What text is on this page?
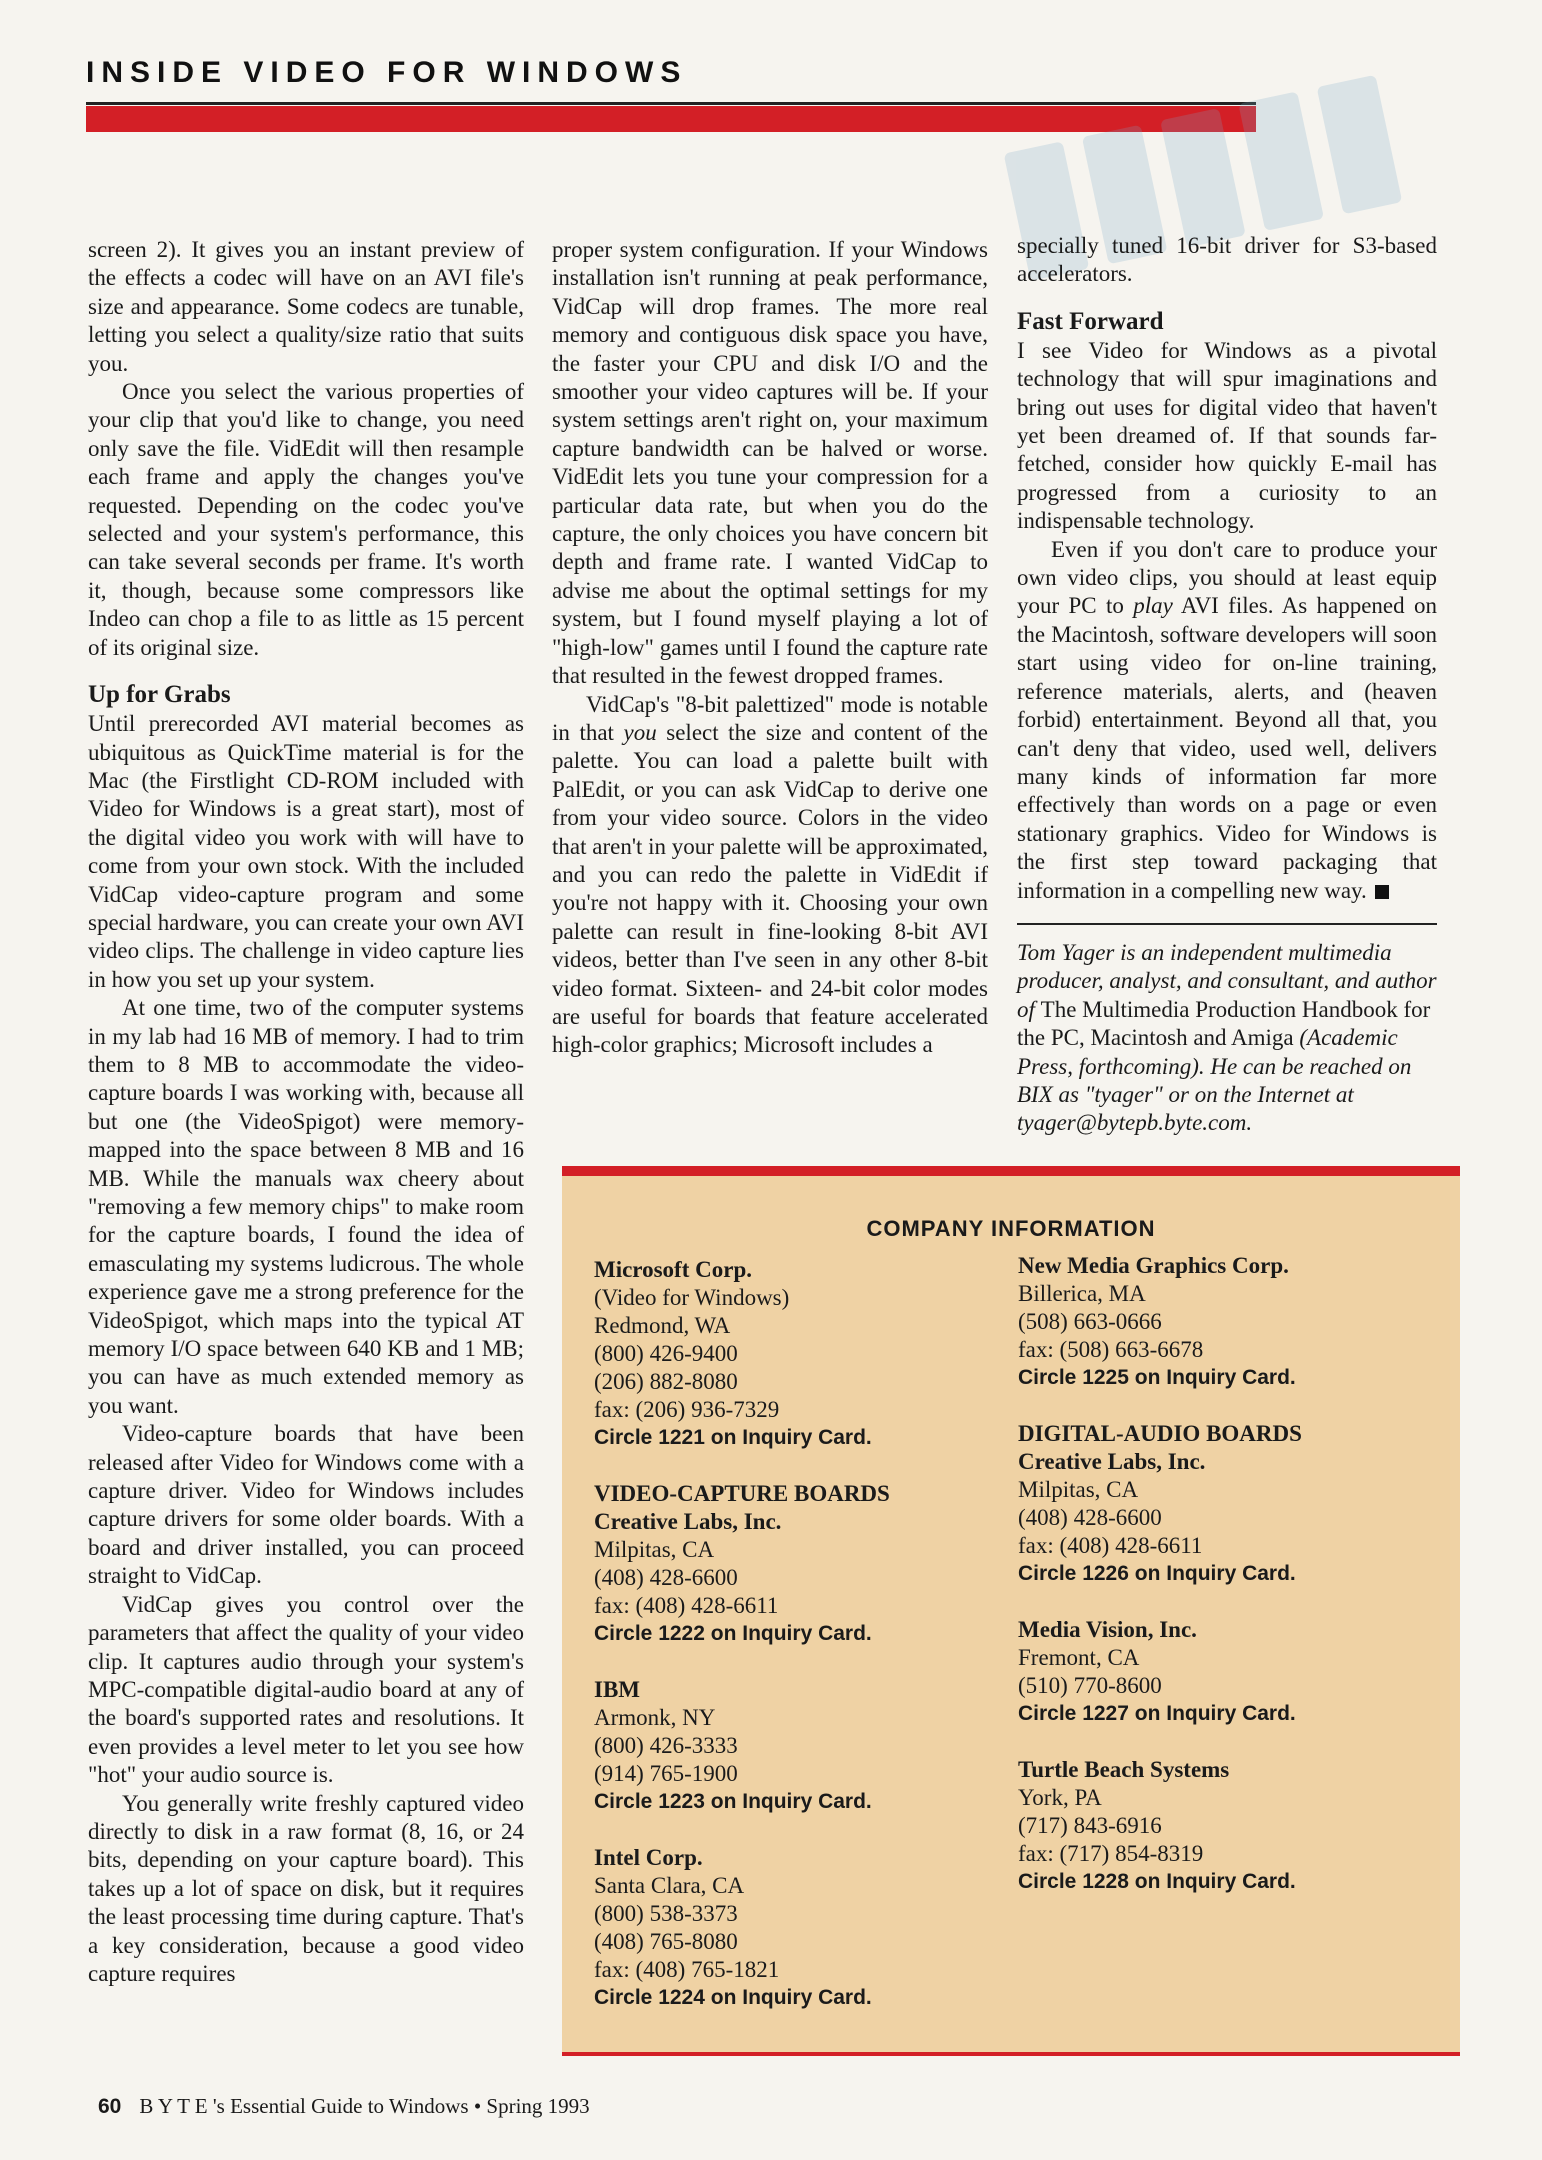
INSIDE VIDEO FOR WINDOWS

screen 2). It gives you an instant preview of the effects a codec will have on an AVI file's size and appearance. Some codecs are tunable, letting you select a quality/size ratio that suits you.

Once you select the various properties of your clip that you'd like to change, you need only save the file. VidEdit will then resample each frame and apply the changes you've requested. Depending on the codec you've selected and your system's performance, this can take several seconds per frame. It's worth it, though, because some compressors like Indeo can chop a file to as little as 15 percent of its original size.

Up for Grabs

Until prerecorded AVI material becomes as ubiquitous as QuickTime material is for the Mac (the Firstlight CD-ROM included with Video for Windows is a great start), most of the digital video you work with will have to come from your own stock. With the included VidCap video-capture program and some special hardware, you can create your own AVI video clips. The challenge in video capture lies in how you set up your system.

At one time, two of the computer systems in my lab had 16 MB of memory. I had to trim them to 8 MB to accommodate the video-capture boards I was working with, because all but one (the VideoSpigot) were memory-mapped into the space between 8 MB and 16 MB. While the manuals wax cheery about "removing a few memory chips" to make room for the capture boards, I found the idea of emasculating my systems ludicrous. The whole experience gave me a strong preference for the VideoSpigot, which maps into the typical AT memory I/O space between 640 KB and 1 MB; you can have as much extended memory as you want.

Video-capture boards that have been released after Video for Windows come with a capture driver. Video for Windows includes capture drivers for some older boards. With a board and driver installed, you can proceed straight to VidCap.

VidCap gives you control over the parameters that affect the quality of your video clip. It captures audio through your system's MPC-compatible digital-audio board at any of the board's supported rates and resolutions. It even provides a level meter to let you see how "hot" your audio source is.

You generally write freshly captured video directly to disk in a raw format (8, 16, or 24 bits, depending on your capture board). This takes up a lot of space on disk, but it requires the least processing time during capture. That's a key consideration, because a good video capture requires

proper system configuration. If your Windows installation isn't running at peak performance, VidCap will drop frames. The more real memory and contiguous disk space you have, the faster your CPU and disk I/O and the smoother your video captures will be. If your system settings aren't right on, your maximum capture bandwidth can be halved or worse. VidEdit lets you tune your compression for a particular data rate, but when you do the capture, the only choices you have concern bit depth and frame rate. I wanted VidCap to advise me about the optimal settings for my system, but I found myself playing a lot of "high-low" games until I found the capture rate that resulted in the fewest dropped frames.

VidCap's "8-bit palettized" mode is notable in that you select the size and content of the palette. You can load a palette built with PalEdit, or you can ask VidCap to derive one from your video source. Colors in the video that aren't in your palette will be approximated, and you can redo the palette in VidEdit if you're not happy with it. Choosing your own palette can result in fine-looking 8-bit AVI videos, better than I've seen in any other 8-bit video format. Sixteen- and 24-bit color modes are useful for boards that feature accelerated high-color graphics; Microsoft includes a

specially tuned 16-bit driver for S3-based accelerators.

Fast Forward

I see Video for Windows as a pivotal technology that will spur imaginations and bring out uses for digital video that haven't yet been dreamed of. If that sounds far-fetched, consider how quickly E-mail has progressed from a curiosity to an indispensable technology.

Even if you don't care to produce your own video clips, you should at least equip your PC to play AVI files. As happened on the Macintosh, software developers will soon start using video for on-line training, reference materials, alerts, and (heaven forbid) entertainment. Beyond all that, you can't deny that video, used well, delivers many kinds of information far more effectively than words on a page or even stationary graphics. Video for Windows is the first step toward packaging that information in a compelling new way.

Tom Yager is an independent multimedia producer, analyst, and consultant, and author of The Multimedia Production Handbook for the PC, Macintosh and Amiga (Academic Press, forthcoming). He can be reached on BIX as "tyager" or on the Internet at tyager@bytepb.byte.com.
COMPANY INFORMATION
Microsoft Corp.
(Video for Windows)
Redmond, WA
(800) 426-9400
(206) 882-8080
fax: (206) 936-7329
Circle 1221 on Inquiry Card.
VIDEO-CAPTURE BOARDS
Creative Labs, Inc.
Milpitas, CA
(408) 428-6600
fax: (408) 428-6611
Circle 1222 on Inquiry Card.
IBM
Armonk, NY
(800) 426-3333
(914) 765-1900
Circle 1223 on Inquiry Card.
Intel Corp.
Santa Clara, CA
(800) 538-3373
(408) 765-8080
fax: (408) 765-1821
Circle 1224 on Inquiry Card.
New Media Graphics Corp.
Billerica, MA
(508) 663-0666
fax: (508) 663-6678
Circle 1225 on Inquiry Card.
DIGITAL-AUDIO BOARDS
Creative Labs, Inc.
Milpitas, CA
(408) 428-6600
fax: (408) 428-6611
Circle 1226 on Inquiry Card.
Media Vision, Inc.
Fremont, CA
(510) 770-8600
Circle 1227 on Inquiry Card.
Turtle Beach Systems
York, PA
(717) 843-6916
fax: (717) 854-8319
Circle 1228 on Inquiry Card.
60 B Y T E 's Essential Guide to Windows • Spring 1993
